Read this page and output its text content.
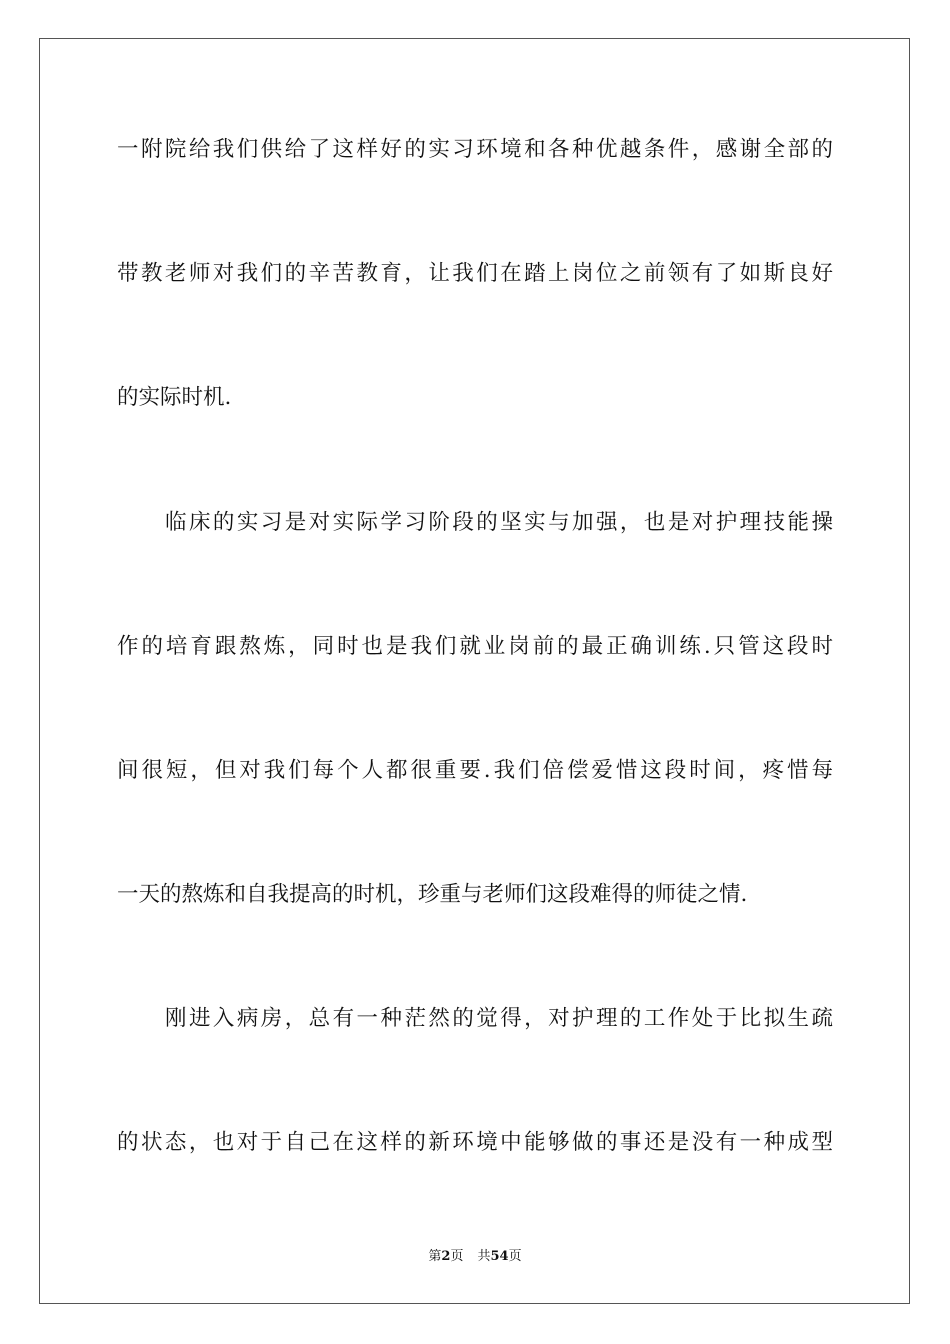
一附院给我们供给了这样好的实习环境和各种优越条件，感谢全部的
带教老师对我们的辛苦教育，让我们在踏上岗位之前领有了如斯良好
的实际时机.
临床的实习是对实际学习阶段的坚实与加强，也是对护理技能操
作的培育跟熬炼，同时也是我们就业岗前的最正确训练.只管这段时
间很短，但对我们每个人都很重要.我们倍偿爱惜这段时间，疼惜每
一天的熬炼和自我提高的时机，珍重与老师们这段难得的师徒之情.
刚进入病房，总有一种茫然的觉得，对护理的工作处于比拟生疏
的状态，也对于自己在这样的新环境中能够做的事还是没有一种成型
第2页 共54页
